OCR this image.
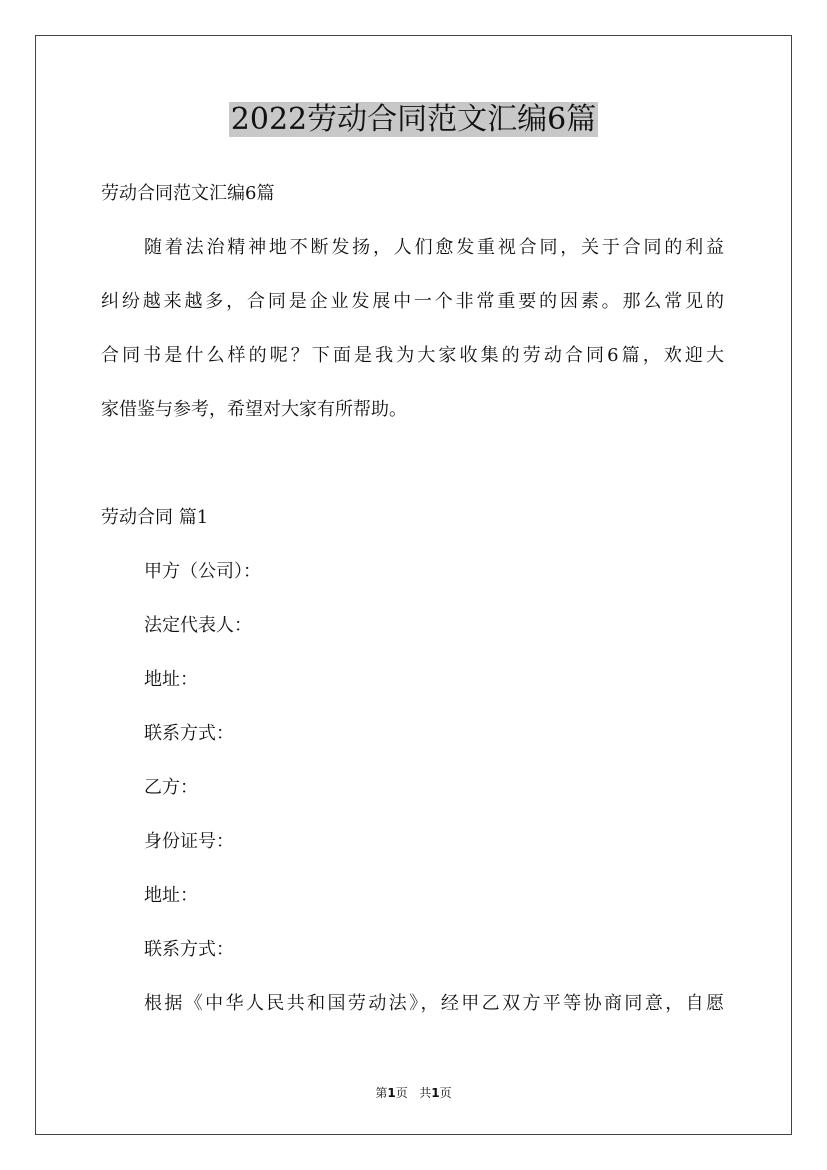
2022劳动合同范文汇编6篇

劳动合同范文汇编6篇

随着法治精神地不断发扬，人们愈发重视合同，关于合同的利益

纠纷越来越多，合同是企业发展中一个非常重要的因素。那么常见的

合同书是什么样的呢？下面是我为大家收集的劳动合同6篇，欢迎大

家借鉴与参考，希望对大家有所帮助。

劳动合同 篇1

甲方（公司）：

法定代表人：

地址：

联系方式：

乙方：

身份证号：

地址：

联系方式：

根据《中华人民共和国劳动法》，经甲乙双方平等协商同意，自愿

第1页   共1页
